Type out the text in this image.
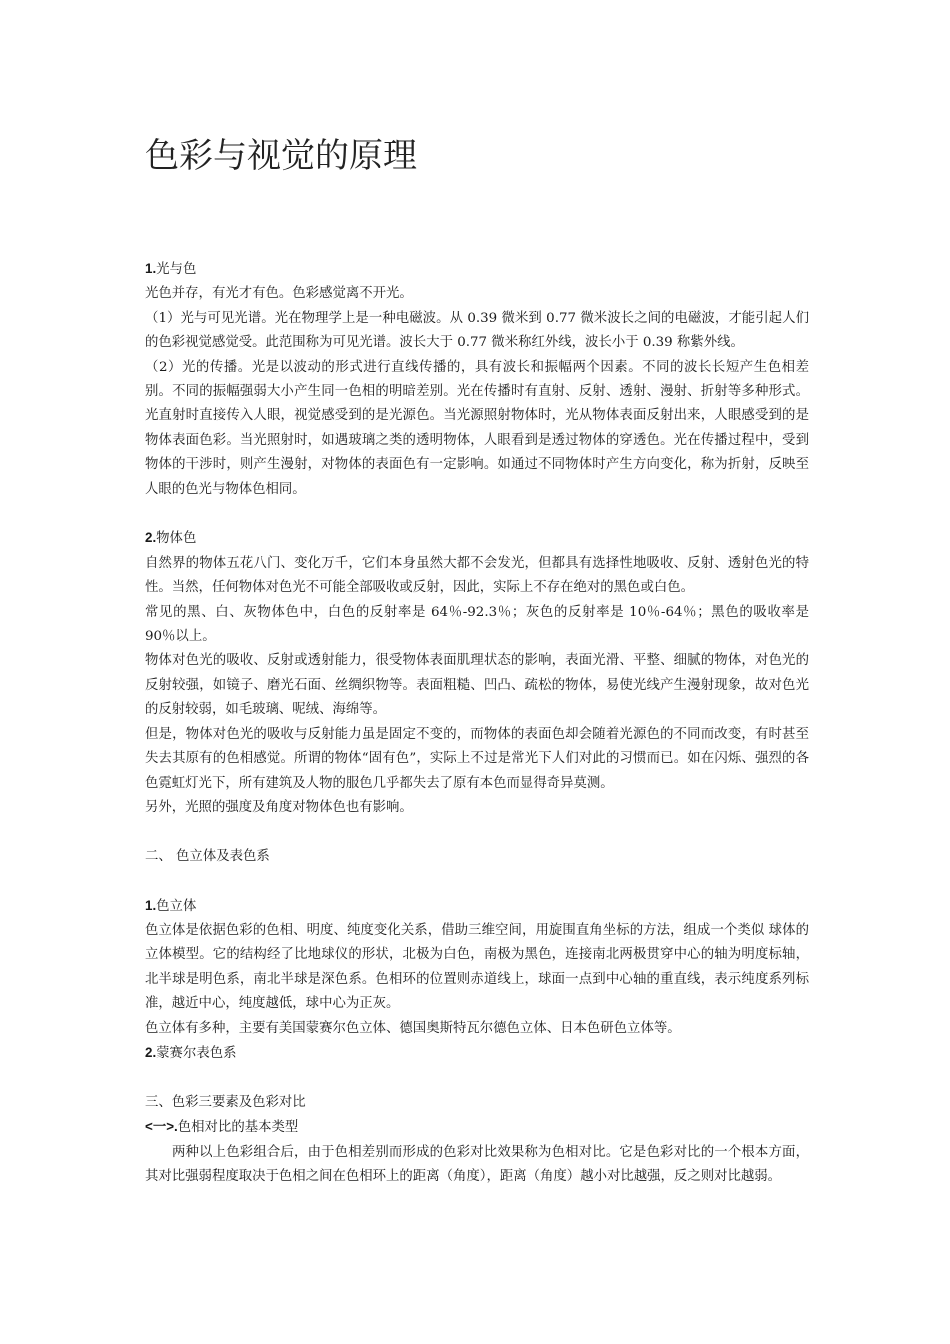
色彩与视觉的原理

1.光与色

光色并存，有光才有色。色彩感觉离不开光。

（1）光与可见光谱。光在物理学上是一种电磁波。从 0.39 微米到 0.77 微米波长之间的电磁波，才能引起人们的色彩视觉感觉受。此范围称为可见光谱。波长大于 0.77 微米称红外线，波长小于 0.39 称紫外线。

（2）光的传播。光是以波动的形式进行直线传播的，具有波长和振幅两个因素。不同的波长长短产生色相差别。不同的振幅强弱大小产生同一色相的明暗差别。光在传播时有直射、反射、透射、漫射、折射等多种形式。光直射时直接传入人眼，视觉感受到的是光源色。当光源照射物体时，光从物体表面反射出来，人眼感受到的是物体表面色彩。当光照射时，如遇玻璃之类的透明物体，人眼看到是透过物体的穿透色。光在传播过程中，受到物体的干涉时，则产生漫射，对物体的表面色有一定影响。如通过不同物体时产生方向变化，称为折射，反映至人眼的色光与物体色相同。

2.物体色

自然界的物体五花八门、变化万千，它们本身虽然大都不会发光，但都具有选择性地吸收、反射、透射色光的特 性。当然，任何物体对色光不可能全部吸收或反射，因此，实际上不存在绝对的黑色或白色。

常见的黑、白、灰物体色中，白色的反射率是 64％-92.3％；灰色的反射率是 10％-64％；黑色的吸收率是 90％以上。

物体对色光的吸收、反射或透射能力，很受物体表面肌理状态的影响，表面光滑、平整、细腻的物体，对色光的反射较强，如镜子、磨光石面、丝绸织物等。表面粗糙、凹凸、疏松的物体，易使光线产生漫射现象，故对色光的反射较弱，如毛玻璃、呢绒、海绵等。

但是，物体对色光的吸收与反射能力虽是固定不变的，而物体的表面色却会随着光源色的不同而改变，有时甚至失去其原有的色相感觉。所谓的物体“固有色”，实际上不过是常光下人们对此的习惯而已。如在闪烁、强烈的各色霓虹灯光下，所有建筑及人物的服色几乎都失去了原有本色而显得奇异莫测。

另外，光照的强度及角度对物体色也有影响。

二、 色立体及表色系

1.色立体

色立体是依据色彩的色相、明度、纯度变化关系，借助三维空间，用旋围直角坐标的方法，组成一个类似 球体的立体模型。它的结构经了比地球仪的形状，北极为白色，南极为黑色，连接南北两极贯穿中心的轴为明度标轴，北半球是明色系，南北半球是深色系。色相环的位置则赤道线上，球面一点到中心轴的重直线，表示纯度系列标准，越近中心，纯度越低，球中心为正灰。

色立体有多种，主要有美国蒙赛尔色立体、德国奥斯特瓦尔德色立体、日本色研色立体等。

2.蒙赛尔表色系

三、色彩三要素及色彩对比

<一>.色相对比的基本类型

两种以上色彩组合后，由于色相差别而形成的色彩对比效果称为色相对比。它是色彩对比的一个根本方面，其对比强弱程度取决于色相之间在色相环上的距离（角度），距离（角度）越小对比越强，反之则对比越弱。
